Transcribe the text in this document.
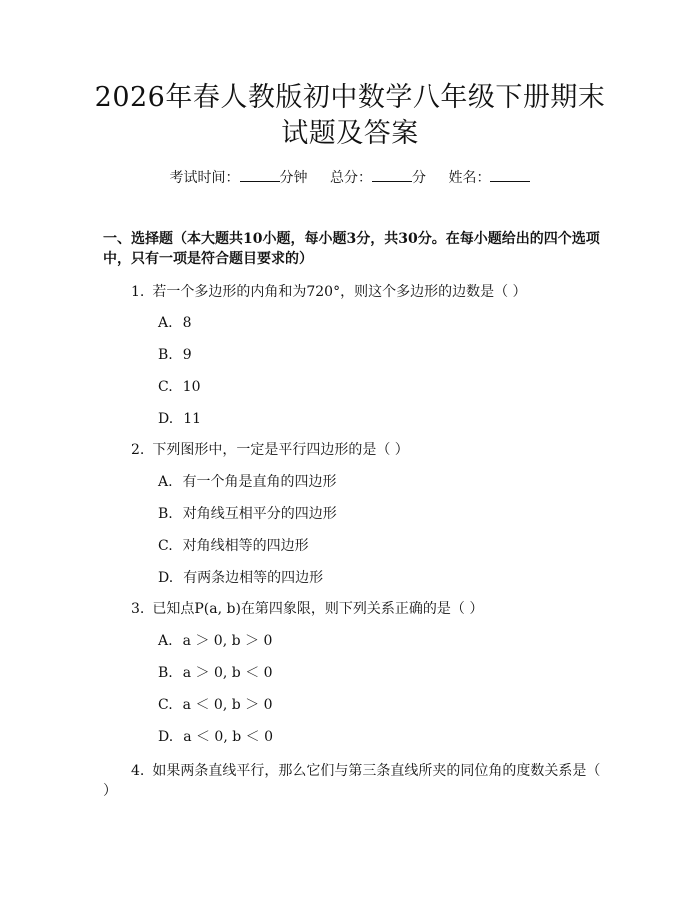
2026年春人教版初中数学八年级下册期末试题及答案
考试时间：	分钟 总分：	分 姓名：
一、选择题（本大题共10小题，每小题3分，共30分。在每小题给出的四个选项中，只有一项是符合题目要求的）
1. 若一个多边形的内角和为720°，则这个多边形的边数是（ ）
A. 8
B. 9
C. 10
D. 11
2. 下列图形中，一定是平行四边形的是（ ）
A. 有一个角是直角的四边形
B. 对角线互相平分的四边形
C. 对角线相等的四边形
D. 有两条边相等的四边形
3. 已知点P(a, b)在第四象限，则下列关系正确的是（ ）
A. a ＞ 0, b ＞ 0
B. a ＞ 0, b ＜ 0
C. a ＜ 0, b ＞ 0
D. a ＜ 0, b ＜ 0
4. 如果两条直线平行，那么它们与第三条直线所夹的同位角的度数关系是（ ）
